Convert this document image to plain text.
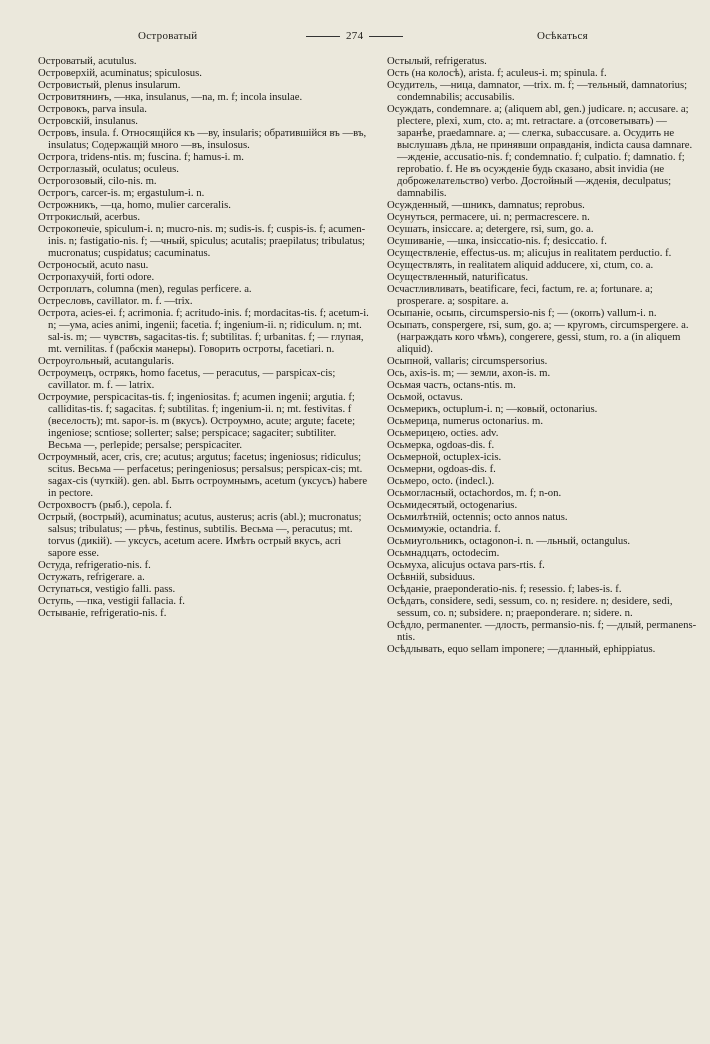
Островатый	274	Осѣкаться

Островатый, acutulus.

Островерхій, acuminatus; spiculosus.

Островистый, plenus insularum.

Островитянинъ, —нка, insulanus, —na, m. f; incola insulae.

Островокъ, parva insula.

Островскій, insulanus.

Островъ, insula. f. Относящійся къ —ву, insularis; обратившійся въ —въ, insulatus; Содержащій много —въ, insulosus.

Острога, tridens-ntis. m; fuscina. f; hamus-i. m.

Остроглазый, oculatus; oculeus.

Острогозовый, cilo-nis. m.

Острогъ, carcer-is. m; ergastulum-i. n.

Острожникъ, —ца, homo, mulier carceralis.

Отгрокислый, acerbus.

Острокопечіе, spiculum-i. n; mucro-nis. m; sudis-is. f; cuspis-is. f; acumen-inis. n; fastigatio-nis. f; —чный, spiculus; acutalis; praepilatus; tribulatus; mucronatus; cuspidatus; cacuminatus.

Остроносый, acuto nasu.

Остропахучій, forti odore.

Остроплатъ, columna (men), regulas perficere. a.

Остресловъ, cavillator. m. f. —trix.

Острота, acies-ei. f; acrimonia. f; acritudo-inis. f; mordacitas-tis. f; acetum-i. n; —ума, acies animi, ingenii; facetia. f; ingenium-ii. n; ridiculum. n; mt. sal-is. m; — чувствъ, sagacitas-tis. f; subtilitas. f; urbanitas. f; — глупая, mt. vernilitas. f (рабскія манеры). Говорить остроты, facetiari. n.

Остроугольный, acutangularis.

Остроумецъ, острякъ, homo facetus, — peracutus, — parspicax-cis; cavillator. m. f. — latrix.

Остроумие, perspicacitas-tis. f; ingeniositas. f; acumen ingenii; argutia. f; calliditas-tis. f; sagacitas. f; subtilitas. f; ingenium-ii. n; mt. festivitas. f (веселость); mt. sapor-is. m (вкусъ). Остроумно, acute; argute; facete; ingeniose; scntiose; sollerter; salse; perspicace; sagaciter; subtiliter. Весьма —, perlepide; persalse; perspicaciter.

Остроумный, acer, cris, cre; acutus; argutus; facetus; ingeniosus; ridiculus; scitus. Весьма — perfacetus; peringeniosus; persalsus; perspicax-cis; mt. sagax-cis (чуткій). gen. abl. Быть остроумнымъ, acetum (уксусъ) habere in pectore.

Острохвостъ (рыб.), cepola. f.

Острый, (вострый), acuminatus; acutus, austerus; acris (abl.); mucronatus; salsus; tribulatus; — рѣчь, festinus, subtilis. Весьма —, peracutus; mt. torvus (дикій). — уксусъ, acetum acere. Имѣть острый вкусъ, acri sapore esse.

Остуда, refrigeratio-nis. f.

Остужать, refrigerare. a.

Оступаться, vestigio falli. pass.

Оступь, —пка, vestigii fallacia. f.

Остываніе, refrigeratio-nis. f.

Остылый, refrigeratus.

Ость (на колосѣ), arista. f; aculeus-i. m; spinula. f.

Осудитель, —ница, damnator, —trix. m. f; —тельный, damnatorius; condemnabilis; accusabilis.

Осуждать, condemnare. a; (aliquem abl, gen.) judicare. n; accusare. a; plectere, plexi, xum, cto. a; mt. retractare. a (отсоветывать) — заранѣе, praedamnare. a; — слегка, subaccusare. a. Осудить не выслушавъ дѣла, не принявши оправданія, indicta causa damnare. —жденіе, accusatio-nis. f; condemnatio. f; culpatio. f; damnatio. f; reprobatio. f. Не въ осужденіе будь сказано, absit invidia (не доброжелательство) verbo. Достойный —жденія, deculpatus; damnabilis.

Осужденный, —шникъ, damnatus; reprobus.

Осунуться, permacere, ui. n; permacrescere. n.

Осушать, insiccare. a; detergere, rsi, sum, go. a.

Осушиваніе, —шка, insiccatio-nis. f; desiccatio. f.

Осуществленіе, effectus-us. m; alicujus in realitatem perductio. f.

Осуществлять, in realitatem aliquid adducere, xi, ctum, co. a.

Осуществленный, naturificatus.

Осчастливливать, beatificare, feci, factum, re. a; fortunare. a; prosperare. a; sospitare. a.

Осыпаніе, осыпь, circumspersio-nis f; — (окопъ) vallum-i. n.

Осыпать, conspergere, rsi, sum, go. a; — кругомъ, circumspergere. a. (награждать кого чѣмъ), congerere, gessi, stum, ro. a (in aliquem aliquid).

Осыпной, vallaris; circumspersorius.

Ось, axis-is. m; — земли, axon-is. m.

Осьмая часть, octans-ntis. m.

Осьмой, octavus.

Осьмерикъ, octuplum-i. n; —ковый, octonarius.

Осьмерица, numerus octonarius. m.

Осьмерицею, octies. adv.

Осьмерка, ogdoas-dis. f.

Осьмерной, octuplex-icis.

Осьмерни, ogdoas-dis. f.

Осьмеро, octo. (indecl.).

Осьмогласный, octachordos, m. f; n-on.

Осьмидесятый, octogenarius.

Осьмилѣтній, octennis; octo annos natus.

Осьмимужіе, octandria. f.

Осьмиугольникъ, octagonon-i. n. —льный, octangulus.

Осьмнадцать, octodecim.

Осьмуха, alicujus octava pars-rtis. f.

Осѣвній, subsiduus.

Осѣданіе, praeponderatio-nis. f; resessio. f; labes-is. f.

Осѣдать, considere, sedi, sessum, co. n; residere. n; desidere, sedi, sessum, co. n; subsidere. n; praeponderare. n; sidere. n.

Осѣдло, permanenter. —длость, permansio-nis. f; —длый, permanens-ntis.

Осѣдлывать, equo sellam imponere; —дланный, ephippiatus.
